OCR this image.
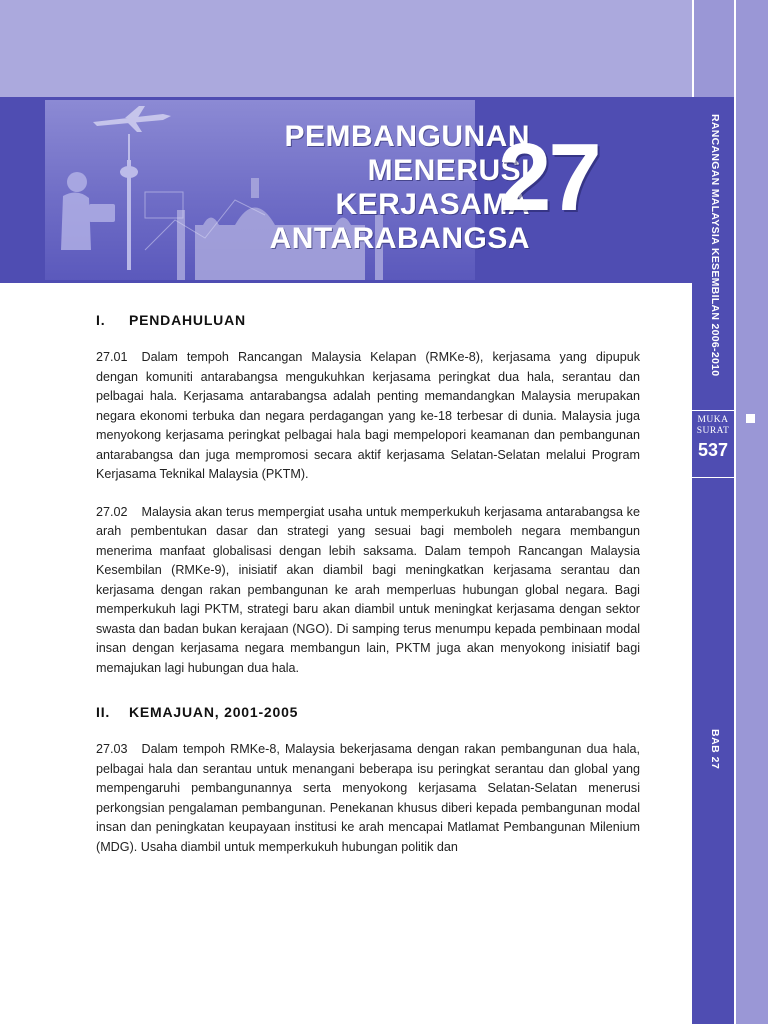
PEMBANGUNAN
MENERUSI
KERJASAMA
ANTARABANGSA
27	RANCANGAN MALAYSIA KESEMBILAN 2006-2010
MUKA
SURAT
537
BAB 27
I. PENDAHULUAN

27.01 Dalam tempoh Rancangan Malaysia Kelapan (RMKe-8), kerjasama yang dipupuk dengan komuniti antarabangsa mengukuhkan kerjasama peringkat dua hala, serantau dan pelbagai hala. Kerjasama antarabangsa adalah penting memandangkan Malaysia merupakan negara ekonomi terbuka dan negara perdagangan yang ke-18 terbesar di dunia. Malaysia juga menyokong kerjasama peringkat pelbagai hala bagi mempelopori keamanan dan pembangunan antarabangsa dan juga mempromosi secara aktif kerjasama Selatan-Selatan melalui Program Kerjasama Teknikal Malaysia (PKTM).

27.02 Malaysia akan terus mempergiat usaha untuk memperkukuh kerjasama antarabangsa ke arah pembentukan dasar dan strategi yang sesuai bagi memboleh negara membangun menerima manfaat globalisasi dengan lebih saksama. Dalam tempoh Rancangan Malaysia Kesembilan (RMKe-9), inisiatif akan diambil bagi meningkatkan kerjasama serantau dan kerjasama dengan rakan pembangunan ke arah memperluas hubungan global negara. Bagi memperkukuh lagi PKTM, strategi baru akan diambil untuk meningkat kerjasama dengan sektor swasta dan badan bukan kerajaan (NGO). Di samping terus menumpu kepada pembinaan modal insan dengan kerjasama negara membangun lain, PKTM juga akan menyokong inisiatif bagi memajukan lagi hubungan dua hala.

II. KEMAJUAN, 2001-2005

27.03 Dalam tempoh RMKe-8, Malaysia bekerjasama dengan rakan pembangunan dua hala, pelbagai hala dan serantau untuk menangani beberapa isu peringkat serantau dan global yang mempengaruhi pembangunannya serta menyokong kerjasama Selatan-Selatan menerusi perkongsian pengalaman pembangunan. Penekanan khusus diberi kepada pembangunan modal insan dan peningkatan keupayaan institusi ke arah mencapai Matlamat Pembangunan Milenium (MDG). Usaha diambil untuk memperkukuh hubungan politik dan
